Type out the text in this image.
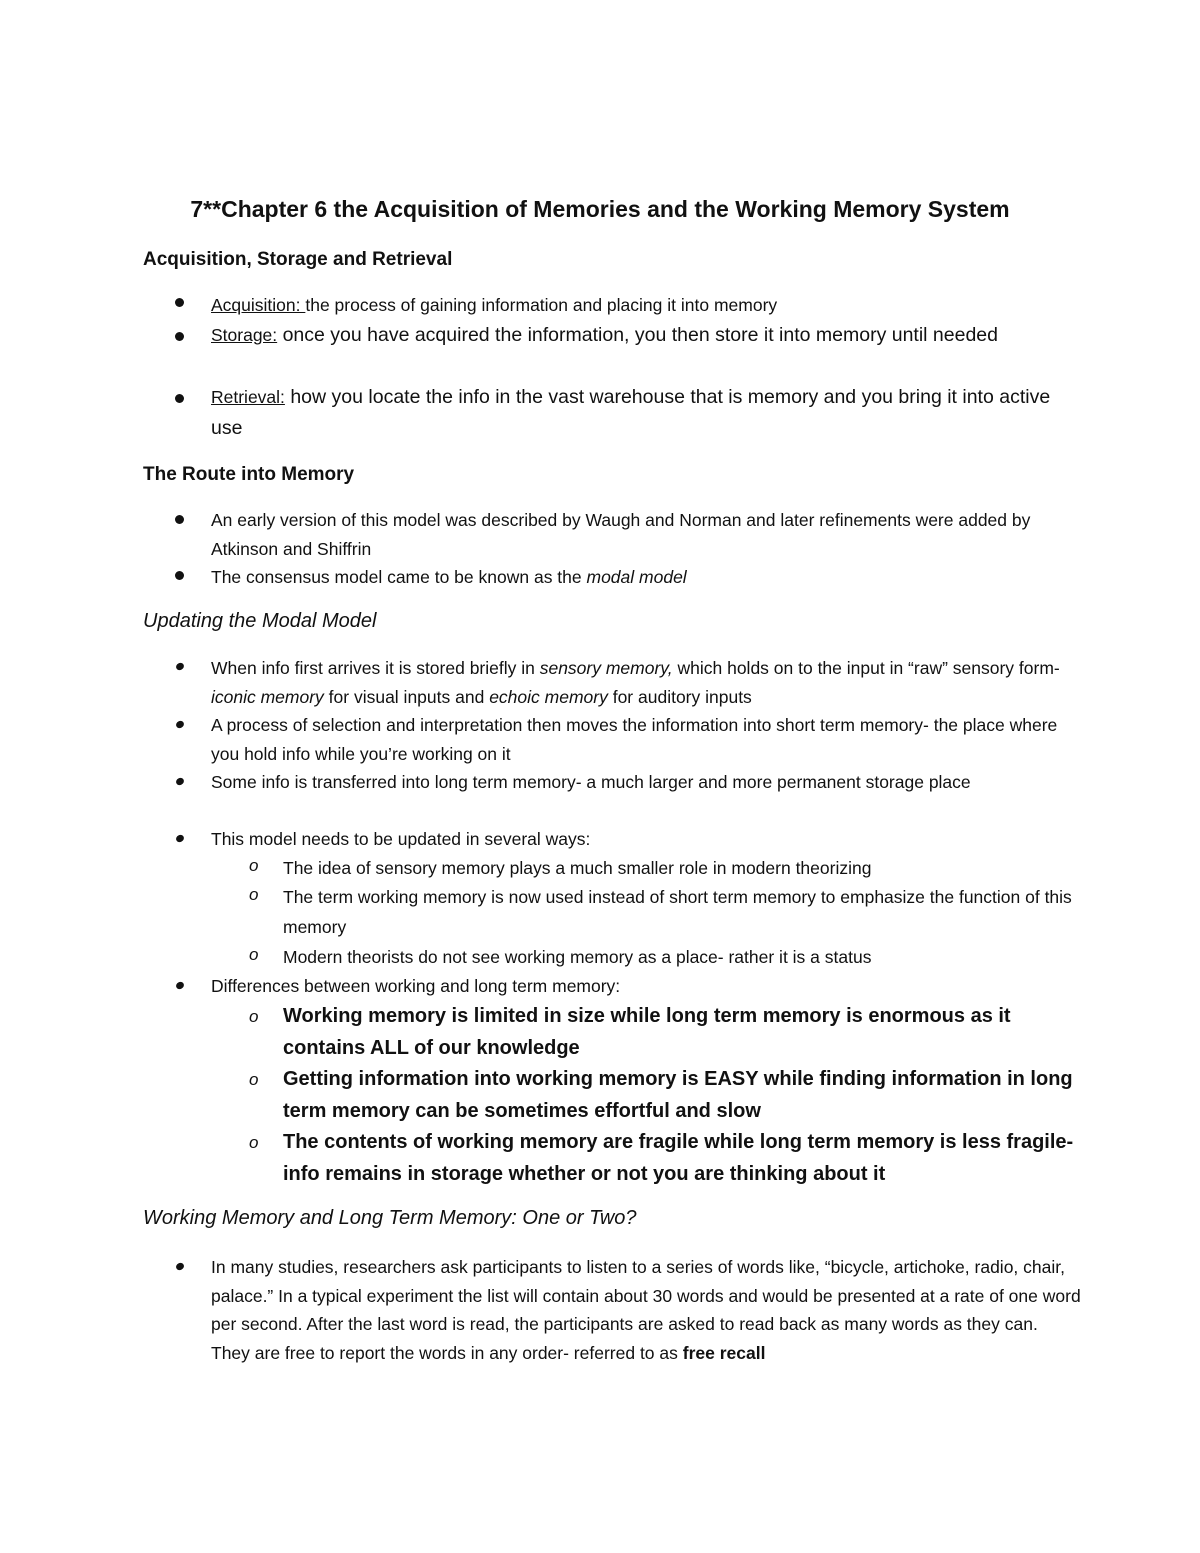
7**Chapter 6 the Acquisition of Memories and the Working Memory System
Acquisition, Storage and Retrieval
Acquisition: the process of gaining information and placing it into memory
Storage: once you have acquired the information, you then store it into memory until needed
Retrieval: how you locate the info in the vast warehouse that is memory and you bring it into active use
The Route into Memory
An early version of this model was described by Waugh and Norman and later refinements were added by Atkinson and Shiffrin
The consensus model came to be known as the modal model
Updating the Modal Model
When info first arrives it is stored briefly in sensory memory, which holds on to the input in “raw” sensory form- iconic memory for visual inputs and echoic memory for auditory inputs
A process of selection and interpretation then moves the information into short term memory- the place where you hold info while you’re working on it
Some info is transferred into long term memory- a much larger and more permanent storage place
This model needs to be updated in several ways:
o The idea of sensory memory plays a much smaller role in modern theorizing
o The term working memory is now used instead of short term memory to emphasize the function of this memory
o Modern theorists do not see working memory as a place- rather it is a status
Differences between working and long term memory:
o Working memory is limited in size while long term memory is enormous as it contains ALL of our knowledge
o Getting information into working memory is EASY while finding information in long term memory can be sometimes effortful and slow
o The contents of working memory are fragile while long term memory is less fragile- info remains in storage whether or not you are thinking about it
Working Memory and Long Term Memory: One or Two?
In many studies, researchers ask participants to listen to a series of words like, “bicycle, artichoke, radio, chair, palace.” In a typical experiment the list will contain about 30 words and would be presented at a rate of one word per second. After the last word is read, the participants are asked to read back as many words as they can. They are free to report the words in any order- referred to as free recall
